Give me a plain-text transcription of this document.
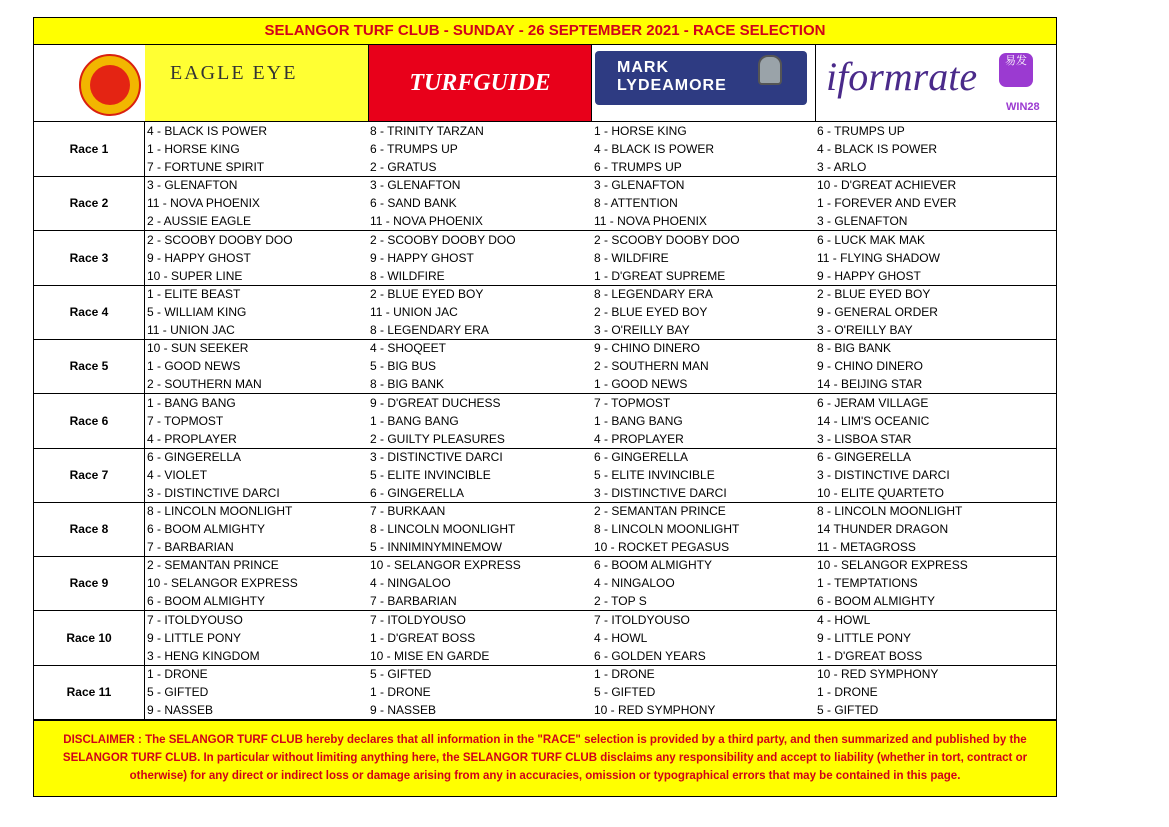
SELANGOR TURF CLUB - SUNDAY - 26 SEPTEMBER 2021 - RACE SELECTION
EAGLE EYE	TURFGUIDE
MARK
LYDEAMORE iformrate	易发
WIN28
Race 1
4 - BLACK IS POWER
1 - HORSE KING
7 - FORTUNE SPIRIT
8 - TRINITY TARZAN
6 - TRUMPS UP
2 - GRATUS
1 - HORSE KING
4 - BLACK IS POWER
6 - TRUMPS UP
6 - TRUMPS UP
4 - BLACK IS POWER
3 - ARLO
Race 2
3 - GLENAFTON
11 - NOVA PHOENIX
2 - AUSSIE EAGLE
3 - GLENAFTON
6 - SAND BANK
11 - NOVA PHOENIX
3 - GLENAFTON
8 - ATTENTION
11 - NOVA PHOENIX
10 - D'GREAT ACHIEVER
1 - FOREVER AND EVER
3 - GLENAFTON
Race 3
2 - SCOOBY DOOBY DOO
9 - HAPPY GHOST
10 - SUPER LINE
2 - SCOOBY DOOBY DOO
9 - HAPPY GHOST
8 - WILDFIRE
2 - SCOOBY DOOBY DOO
8 - WILDFIRE
1 - D'GREAT SUPREME
6 - LUCK MAK MAK
11 - FLYING SHADOW
9 - HAPPY GHOST
Race 4
1 - ELITE BEAST
5 - WILLIAM KING
11 - UNION JAC
2 - BLUE EYED BOY
11 - UNION JAC
8 - LEGENDARY ERA
8 - LEGENDARY ERA
2 - BLUE EYED BOY
3 - O'REILLY BAY
2 - BLUE EYED BOY
9 - GENERAL ORDER
3 - O'REILLY BAY
Race 5
10 - SUN SEEKER
1 - GOOD NEWS
2 - SOUTHERN MAN
4 - SHOQEET
5 - BIG BUS
8 - BIG BANK
9 - CHINO DINERO
2 - SOUTHERN MAN
1 - GOOD NEWS
8 - BIG BANK
9 - CHINO DINERO
14 - BEIJING STAR
Race 6
1 - BANG BANG
7 - TOPMOST
4 - PROPLAYER
9 - D'GREAT DUCHESS
1 - BANG BANG
2 - GUILTY PLEASURES
7 - TOPMOST
1 - BANG BANG
4 - PROPLAYER
6 - JERAM VILLAGE
14 - LIM'S OCEANIC
3 - LISBOA STAR
Race 7
6 - GINGERELLA
4 - VIOLET
3 - DISTINCTIVE DARCI
3 - DISTINCTIVE DARCI
5 - ELITE INVINCIBLE
6 - GINGERELLA
6 - GINGERELLA
5 - ELITE INVINCIBLE
3 - DISTINCTIVE DARCI
6 - GINGERELLA
3 - DISTINCTIVE DARCI
10 - ELITE QUARTETO
Race 8
8 - LINCOLN MOONLIGHT
6 - BOOM ALMIGHTY
7 - BARBARIAN
7 - BURKAAN
8 - LINCOLN MOONLIGHT
5 - INNIMINYMINEMOW
2 - SEMANTAN PRINCE
8 - LINCOLN MOONLIGHT
10 - ROCKET PEGASUS
8 - LINCOLN MOONLIGHT
14 THUNDER DRAGON
11 - METAGROSS
Race 9
2 - SEMANTAN PRINCE
10 - SELANGOR EXPRESS
6 - BOOM ALMIGHTY
10 - SELANGOR EXPRESS
4 - NINGALOO
7 - BARBARIAN
6 - BOOM ALMIGHTY
4 - NINGALOO
2 - TOP S
10 - SELANGOR EXPRESS
1 - TEMPTATIONS
6 - BOOM ALMIGHTY
Race 10
7 - ITOLDYOUSO
9 - LITTLE PONY
3 - HENG KINGDOM
7 - ITOLDYOUSO
1 - D'GREAT BOSS
10 - MISE EN GARDE
7 - ITOLDYOUSO
4 - HOWL
6 - GOLDEN YEARS
4 - HOWL
9 - LITTLE PONY
1 - D'GREAT BOSS
Race 11
1 - DRONE
5 - GIFTED
9 - NASSEB
5 - GIFTED
1 - DRONE
9 - NASSEB
1 - DRONE
5 - GIFTED
10 - RED SYMPHONY
10 - RED SYMPHONY
1 - DRONE
5 - GIFTED
DISCLAIMER : The SELANGOR TURF CLUB hereby declares that all information in the "RACE" selection is provided by a third party, and then summarized and published by the SELANGOR TURF CLUB. In particular without limiting anything here, the SELANGOR TURF CLUB disclaims any responsibility and accept to liability (whether in tort, contract or otherwise) for any direct or indirect loss or damage arising from any in accuracies, omission or typographical errors that may be contained in this page.
